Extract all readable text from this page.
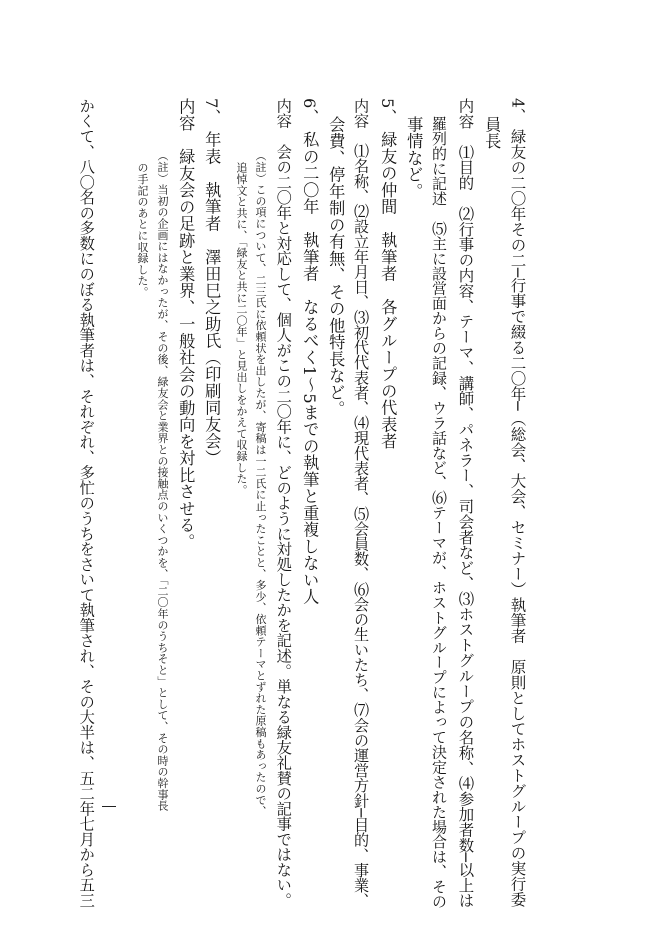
4、 緑友の二〇年その二─行事で綴る二〇年─（総会、大会、セミナー）執筆者　原則としてホストグループの実行委
員長
内容　⑴目的　⑵行事の内容、テーマ、講師、パネラー、司会者など、⑶ホストグループの名称、⑷参加者数─以上は
羅列的に記述　⑸主に設営面からの記録、ウラ話など、⑹テーマが、ホストグループによって決定された場合は、その
事情など。
5、 緑友の仲間　執筆者　各グループの代表者
内容　⑴名称、⑵設立年月日、⑶初代代表者、⑷現代表者、⑸会員数、⑹会の生いたち、⑺会の運営方針─目的、事業、
会費、停年制の有無、その他特長など。
6、 私の二〇年　執筆者　なるべく1〜5までの執筆と重複しない人
内容　会の二〇年と対応して、個人がこの二〇年に、どのように対処したかを記述。単なる緑友礼賛の記事ではない。
（註）この項について、二三氏に依頼状を出したが、寄稿は一二氏に止ったことと、多少、依頼テーマとずれた原稿もあったので、
追悼文と共に、「緑友と共に二〇年」と見出しをかえて収録した。
7、 年表　執筆者　澤田巳之助氏（印刷同友会）
内容　緑友会の足跡と業界、一般社会の動向を対比させる。
（註）当初の企画にはなかったが、その後、緑友会と業界との接触点のいくつかを、「二〇年のうちそと」として、その時の幹事長
の手記のあとに収録した。
かくて、八〇名の多数にのぼる執筆者は、それぞれ、多忙のうちをさいて執筆され、その大半は、五二年七月から五三
